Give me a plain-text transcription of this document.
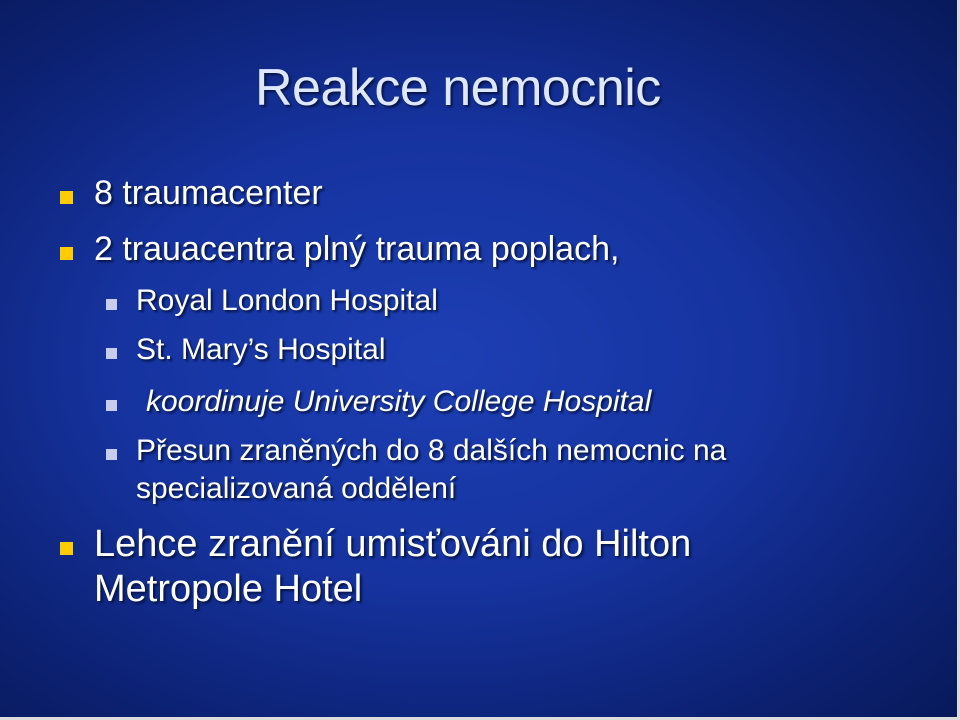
Reakce nemocnic
8 traumacenter
2 trauacentra plný trauma poplach,
Royal London Hospital
St. Mary’s Hospital
koordinuje University College Hospital
Přesun zraněných do 8 dalších nemocnic na
specializovaná oddělení
Lehce zranění umisťováni do Hilton
Metropole Hotel
